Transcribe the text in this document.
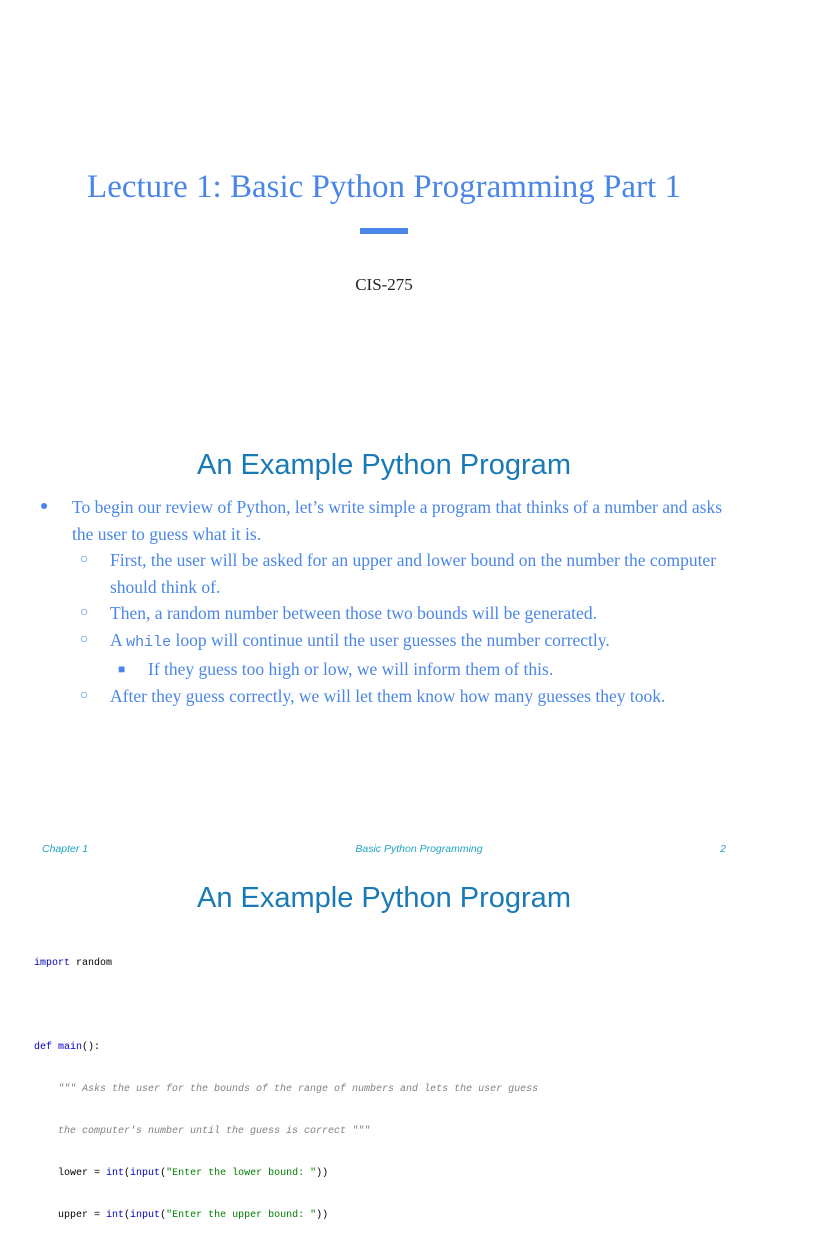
Lecture 1: Basic Python Programming Part 1
CIS-275
An Example Python Program
● To begin our review of Python, let’s write simple a program that thinks of a number and asks the user to guess what it is.
○ First, the user will be asked for an upper and lower bound on the number the computer should think of.
○ Then, a random number between those two bounds will be generated.
○ A while loop will continue until the user guesses the number correctly.
■ If they guess too high or low, we will inform them of this.
○ After they guess correctly, we will let them know how many guesses they took.
Chapter 1	Basic Python Programming	2
An Example Python Program

import random

def main():

""" Asks the user for the bounds of the range of numbers and lets the user guess

the computer's number until the guess is correct """

lower = int(input("Enter the lower bound: "))

upper = int(input("Enter the upper bound: "))
